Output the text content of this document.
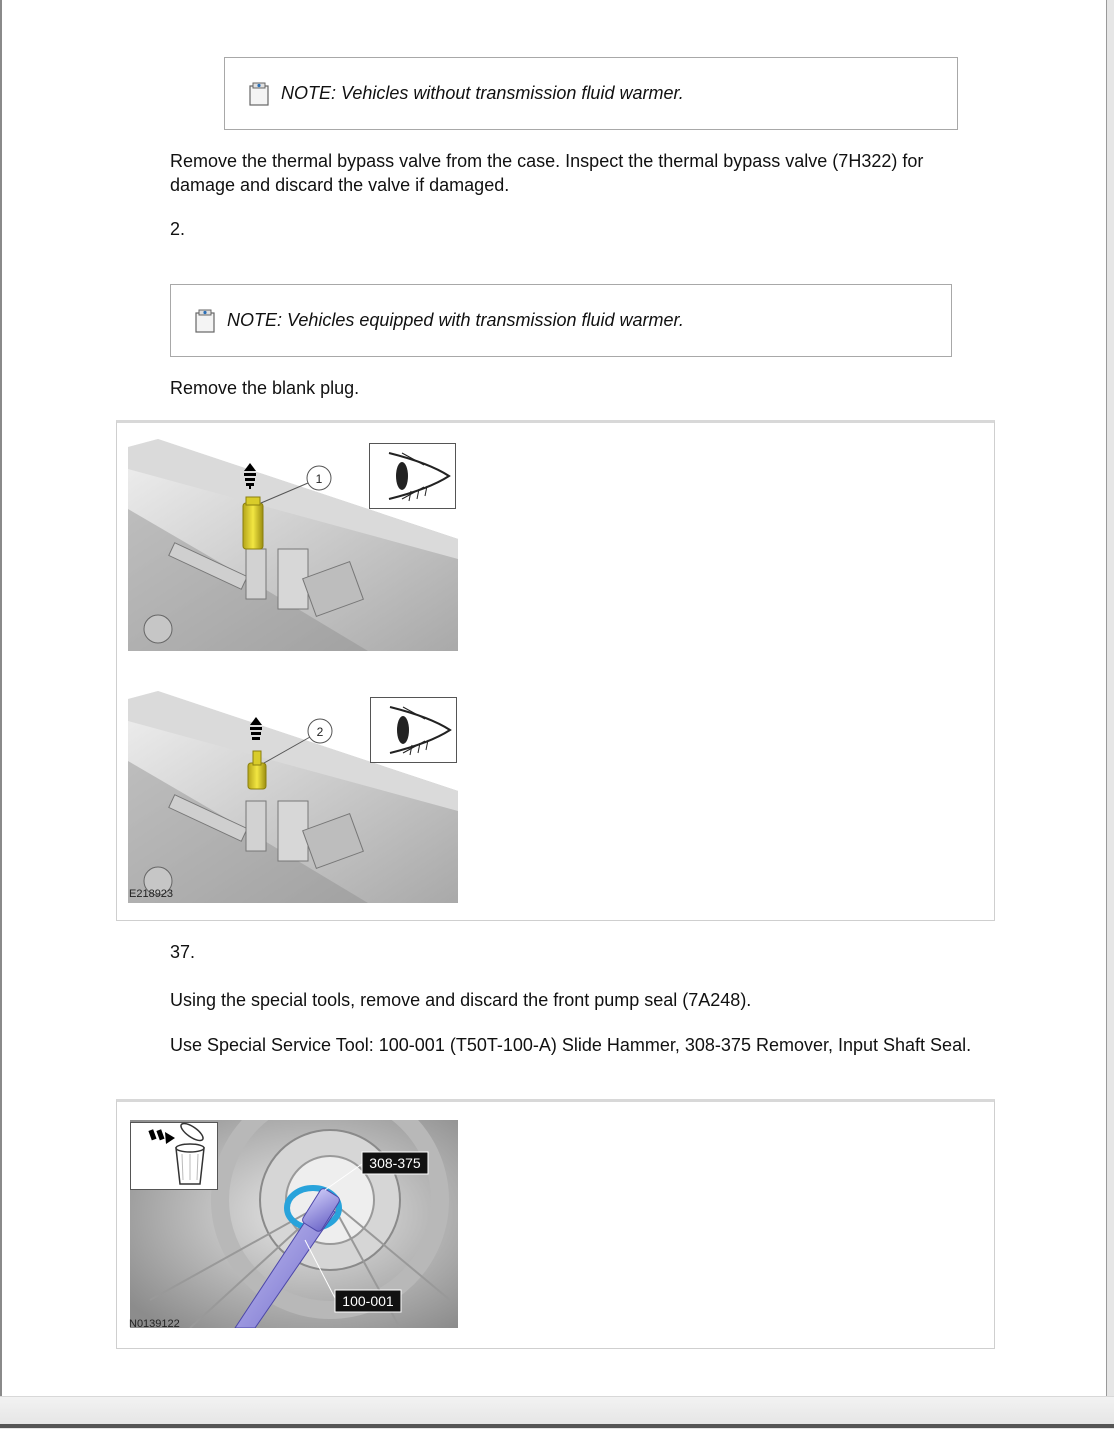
NOTE: Vehicles without transmission fluid warmer.
Remove the thermal bypass valve from the case. Inspect the thermal bypass valve (7H322) for damage and discard the valve if damaged.
2.
NOTE: Vehicles equipped with transmission fluid warmer.
Remove the blank plug.
1
2
E218923
37.
Using the special tools, remove and discard the front pump seal (7A248).
Use Special Service Tool: 100-001 (T50T-100-A) Slide Hammer, 308-375 Remover, Input Shaft Seal.
308-375
100-001
N0139122
